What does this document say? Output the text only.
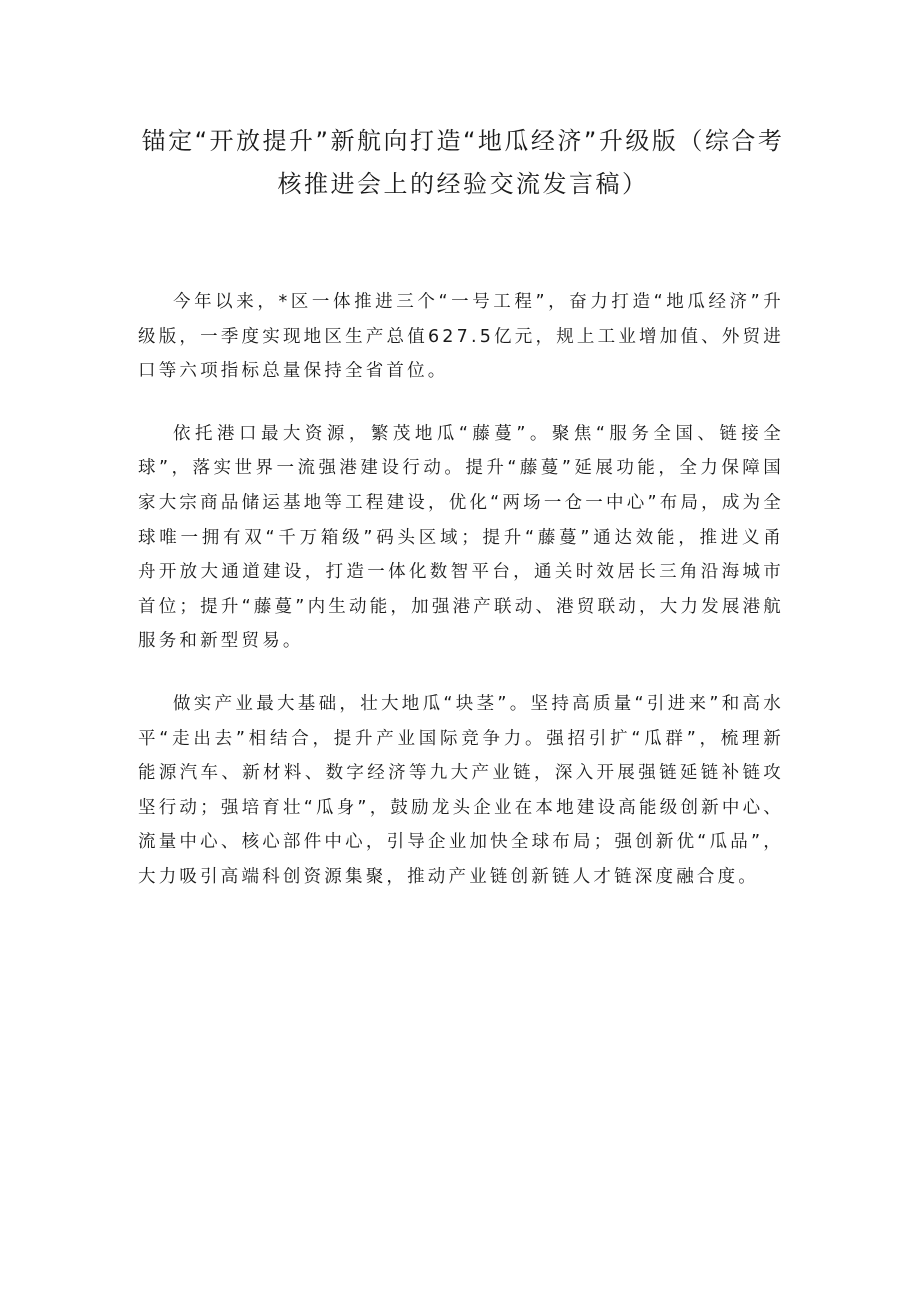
锚定“开放提升”新航向打造“地瓜经济”升级版（综合考核推进会上的经验交流发言稿）

今年以来，*区一体推进三个“一号工程”，奋力打造“地瓜经济”升级版，一季度实现地区生产总值627.5亿元，规上工业增加值、外贸进口等六项指标总量保持全省首位。

依托港口最大资源，繁茂地瓜“藤蔓”。聚焦“服务全国、链接全球”，落实世界一流强港建设行动。提升“藤蔓”延展功能，全力保障国家大宗商品储运基地等工程建设，优化“两场一仓一中心”布局，成为全球唯一拥有双“千万箱级”码头区域；提升“藤蔓”通达效能，推进义甬舟开放大通道建设，打造一体化数智平台，通关时效居长三角沿海城市首位；提升“藤蔓”内生动能，加强港产联动、港贸联动，大力发展港航服务和新型贸易。

做实产业最大基础，壮大地瓜“块茎”。坚持高质量“引进来”和高水平“走出去”相结合，提升产业国际竞争力。强招引扩“瓜群”，梳理新能源汽车、新材料、数字经济等九大产业链，深入开展强链延链补链攻坚行动；强培育壮“瓜身”，鼓励龙头企业在本地建设高能级创新中心、流量中心、核心部件中心，引导企业加快全球布局；强创新优“瓜品”，大力吸引高端科创资源集聚，推动产业链创新链人才链深度融合度。
